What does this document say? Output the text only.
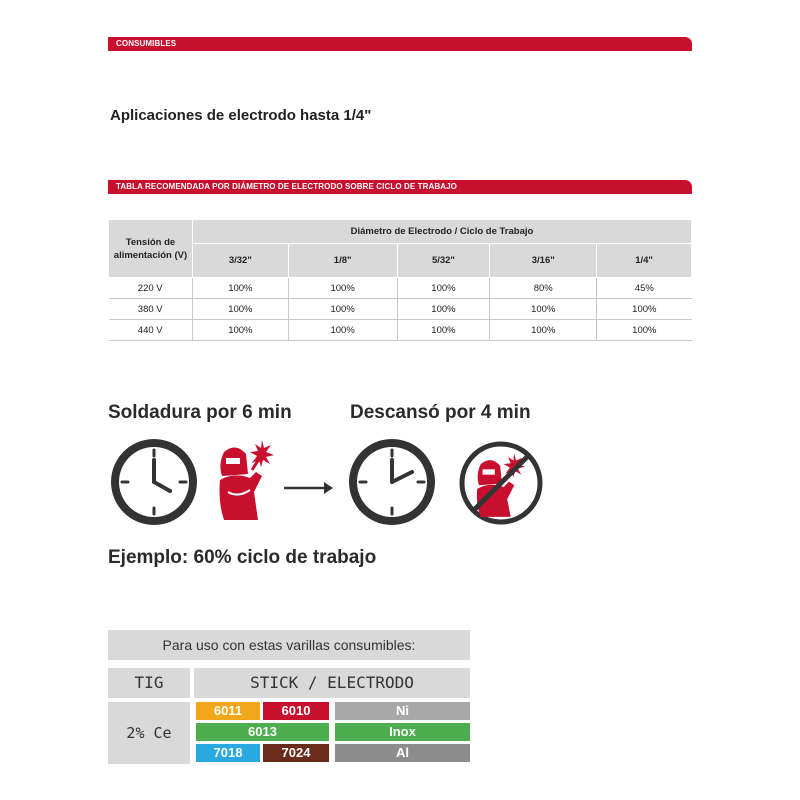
CONSUMIBLES
Aplicaciones de electrodo hasta 1/4"
TABLA RECOMENDADA POR DIÁMETRO DE ELECTRODO SOBRE CICLO DE TRABAJO
Tensión de
alimentación (V)	Diámetro de Electrodo / Ciclo de Trabajo				
	3/32"	1/8"	5/32"	3/16"	1/4"
220 V	100%	100%	100%	80%	45%
380 V	100%	100%	100%	100%	100%
440 V	100%	100%	100%	100%	100%
Soldadura por 6 min	Descansó por 4 min
Ejemplo: 60% ciclo de trabajo
Para uso con estas varillas consumibles:
TIG	STICK / ELECTRODO
2% Ce
6011	6010	Ni
6013	Inox
7018	7024	Al
